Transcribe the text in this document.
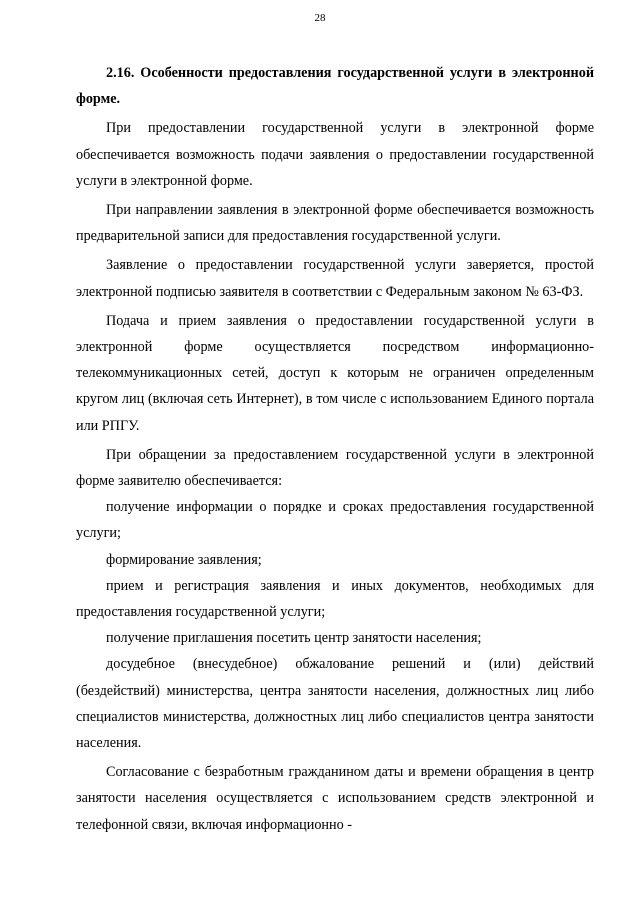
28

2.16. Особенности предоставления государственной услуги в электронной форме.

При предоставлении государственной услуги в электронной форме обеспечивается возможность подачи заявления о предоставлении государственной услуги в электронной форме.

При направлении заявления в электронной форме обеспечивается возможность предварительной записи для предоставления государственной услуги.

Заявление о предоставлении государственной услуги заверяется, простой электронной подписью заявителя в соответствии с Федеральным законом № 63-ФЗ.

Подача и прием заявления о предоставлении государственной услуги в электронной форме осуществляется посредством информационно-телекоммуникационных сетей, доступ к которым не ограничен определенным кругом лиц (включая сеть Интернет), в том числе с использованием Единого портала или РПГУ.

При обращении за предоставлением государственной услуги в электронной форме заявителю обеспечивается:

получение информации о порядке и сроках предоставления государственной услуги;

формирование заявления;

прием и регистрация заявления и иных документов, необходимых для предоставления государственной услуги;

получение приглашения посетить центр занятости населения;

досудебное (внесудебное) обжалование решений и (или) действий (бездействий) министерства, центра занятости населения, должностных лиц либо специалистов министерства, должностных лиц либо специалистов центра занятости населения.

Согласование с безработным гражданином даты и времени обращения в центр занятости населения осуществляется с использованием средств электронной и телефонной связи, включая информационно -
